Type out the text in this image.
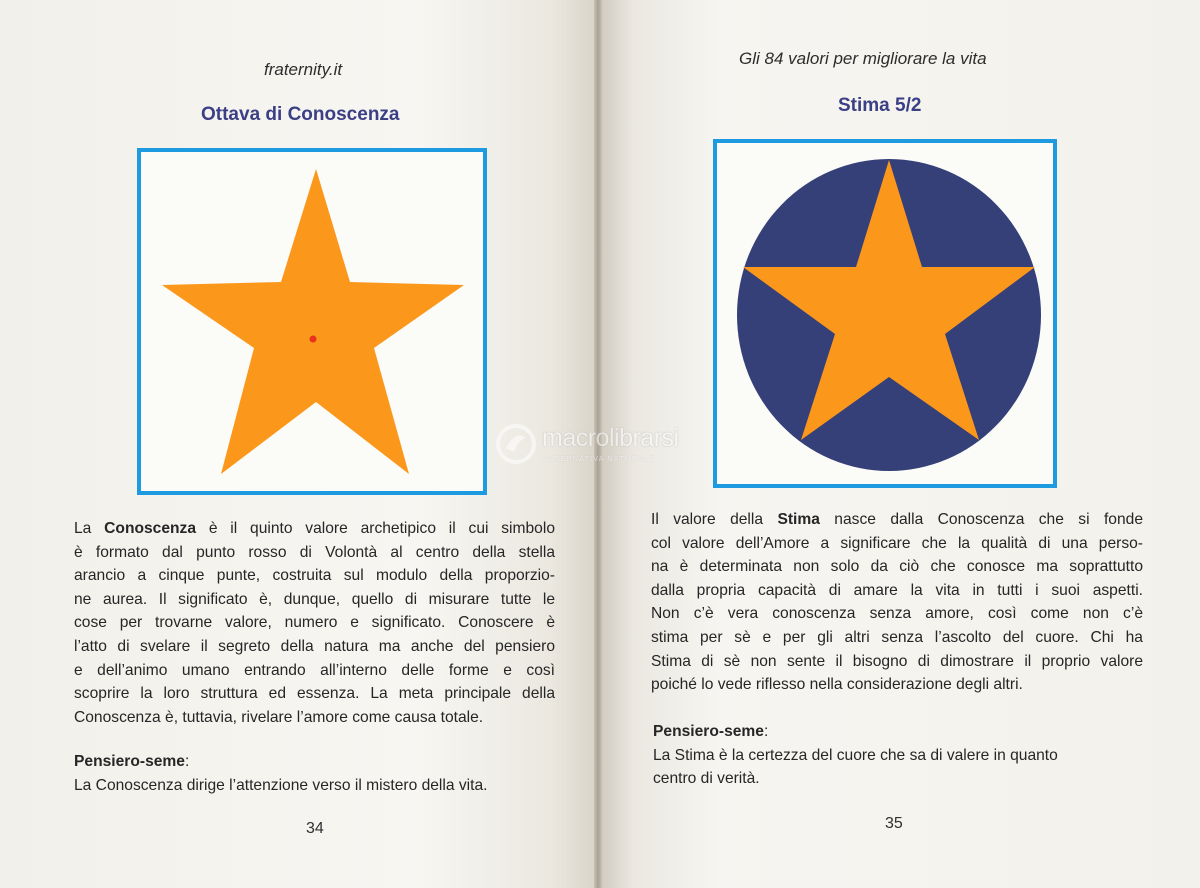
fraternity.it
Ottava di Conoscenza
La Conoscenza è il quinto valore archetipico il cui simbolo
è formato dal punto rosso di Volontà al centro della stella
arancio a cinque punte, costruita sul modulo della proporzio-
ne aurea. Il significato è, dunque, quello di misurare tutte le
cose per trovarne valore, numero e significato. Conoscere è
l’atto di svelare il segreto della natura ma anche del pensiero
e dell’animo umano entrando all’interno delle forme e così
scoprire la loro struttura ed essenza. La meta principale della
Conoscenza è, tuttavia, rivelare l’amore come causa totale.

Pensiero-seme:

La Conoscenza dirige l’attenzione verso il mistero della vita.

34
Gli 84 valori per migliorare la vita
Stima 5/2
Il valore della Stima nasce dalla Conoscenza che si fonde
col valore dell’Amore a significare che la qualità di una perso-
na è determinata non solo da ciò che conosce ma soprattutto
dalla propria capacità di amare la vita in tutti i suoi aspetti.
Non c’è vera conoscenza senza amore, così come non c’è
stima per sè e per gli altri senza l’ascolto del cuore. Chi ha
Stima di sè non sente il bisogno di dimostrare il proprio valore
poiché lo vede riflesso nella considerazione degli altri.

Pensiero-seme:

La Stima è la certezza del cuore che sa di valere in quanto

centro di verità.

35
macrolibrarsi
ALTERNATIVA NATURALE
